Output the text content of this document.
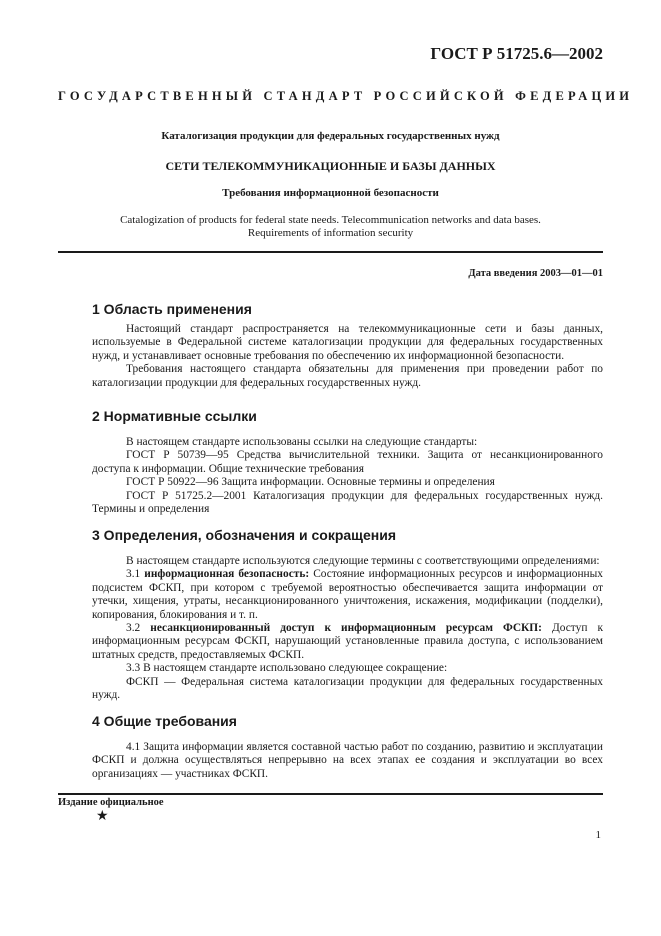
ГОСТ Р 51725.6—2002
ГОСУДАРСТВЕННЫЙ СТАНДАРТ РОССИЙСКОЙ ФЕДЕРАЦИИ
Каталогизация продукции для федеральных государственных нужд
СЕТИ ТЕЛЕКОММУНИКАЦИОННЫЕ И БАЗЫ ДАННЫХ
Требования информационной безопасности
Catalogization of products for federal state needs. Telecommunication networks and data bases.
Requirements of information security
Дата введения 2003—01—01
1 Область применения

Настоящий стандарт распространяется на телекоммуникационные сети и базы данных, используемые в Федеральной системе каталогизации продукции для федеральных государственных нужд, и устанавливает основные требования по обеспечению их информационной безопасности.

Требования настоящего стандарта обязательны для применения при проведении работ по каталогизации продукции для федеральных государственных нужд.

2 Нормативные ссылки

В настоящем стандарте использованы ссылки на следующие стандарты:

ГОСТ Р 50739—95 Средства вычислительной техники. Защита от несанкционированного доступа к информации. Общие технические требования

ГОСТ Р 50922—96 Защита информации. Основные термины и определения

ГОСТ Р 51725.2—2001 Каталогизация продукции для федеральных государственных нужд. Термины и определения

3 Определения, обозначения и сокращения

В настоящем стандарте используются следующие термины с соответствующими определениями:

3.1 информационная безопасность: Состояние информационных ресурсов и информационных подсистем ФСКП, при котором с требуемой вероятностью обеспечивается защита информации от утечки, хищения, утраты, несанкционированного уничтожения, искажения, модификации (подделки), копирования, блокирования и т. п.

3.2 несанкционированный доступ к информационным ресурсам ФСКП: Доступ к информационным ресурсам ФСКП, нарушающий установленные правила доступа, с использованием штатных средств, предоставляемых ФСКП.

3.3 В настоящем стандарте использовано следующее сокращение:

ФСКП — Федеральная система каталогизации продукции для федеральных государственных нужд.

4 Общие требования

4.1 Защита информации является составной частью работ по созданию, развитию и эксплуатации ФСКП и должна осуществляться непрерывно на всех этапах ее создания и эксплуатации во всех организациях — участниках ФСКП.

Издание официальное
★
1
